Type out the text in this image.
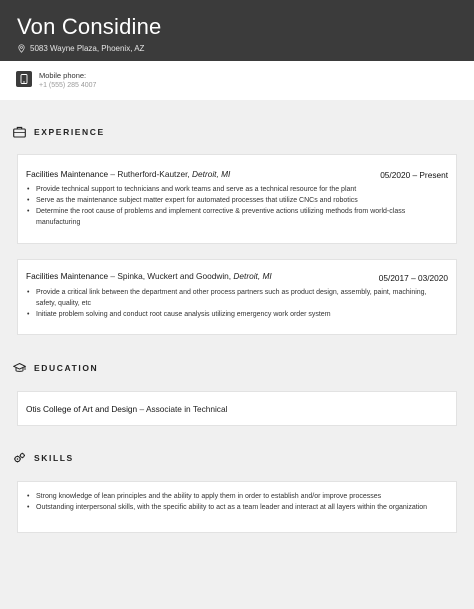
Von Considine
5083 Wayne Plaza, Phoenix, AZ
Mobile phone:
+1 (555) 285 4007
EXPERIENCE
Facilities Maintenance – Rutherford-Kautzer, Detroit, MI	05/2020 – Present
• Provide technical support to technicians and work teams and serve as a technical resource for the plant
• Serve as the maintenance subject matter expert for automated processes that utilize CNCs and robotics
• Determine the root cause of problems and implement corrective & preventive actions utilizing methods from world-class manufacturing
Facilities Maintenance – Spinka, Wuckert and Goodwin, Detroit, MI	05/2017 – 03/2020
• Provide a critical link between the department and other process partners such as product design, assembly, paint, machining, safety, quality, etc
• Initiate problem solving and conduct root cause analysis utilizing emergency work order system
EDUCATION
Otis College of Art and Design – Associate in Technical
SKILLS
• Strong knowledge of lean principles and the ability to apply them in order to establish and/or improve processes
• Outstanding interpersonal skills, with the specific ability to act as a team leader and interact at all layers within the organization
